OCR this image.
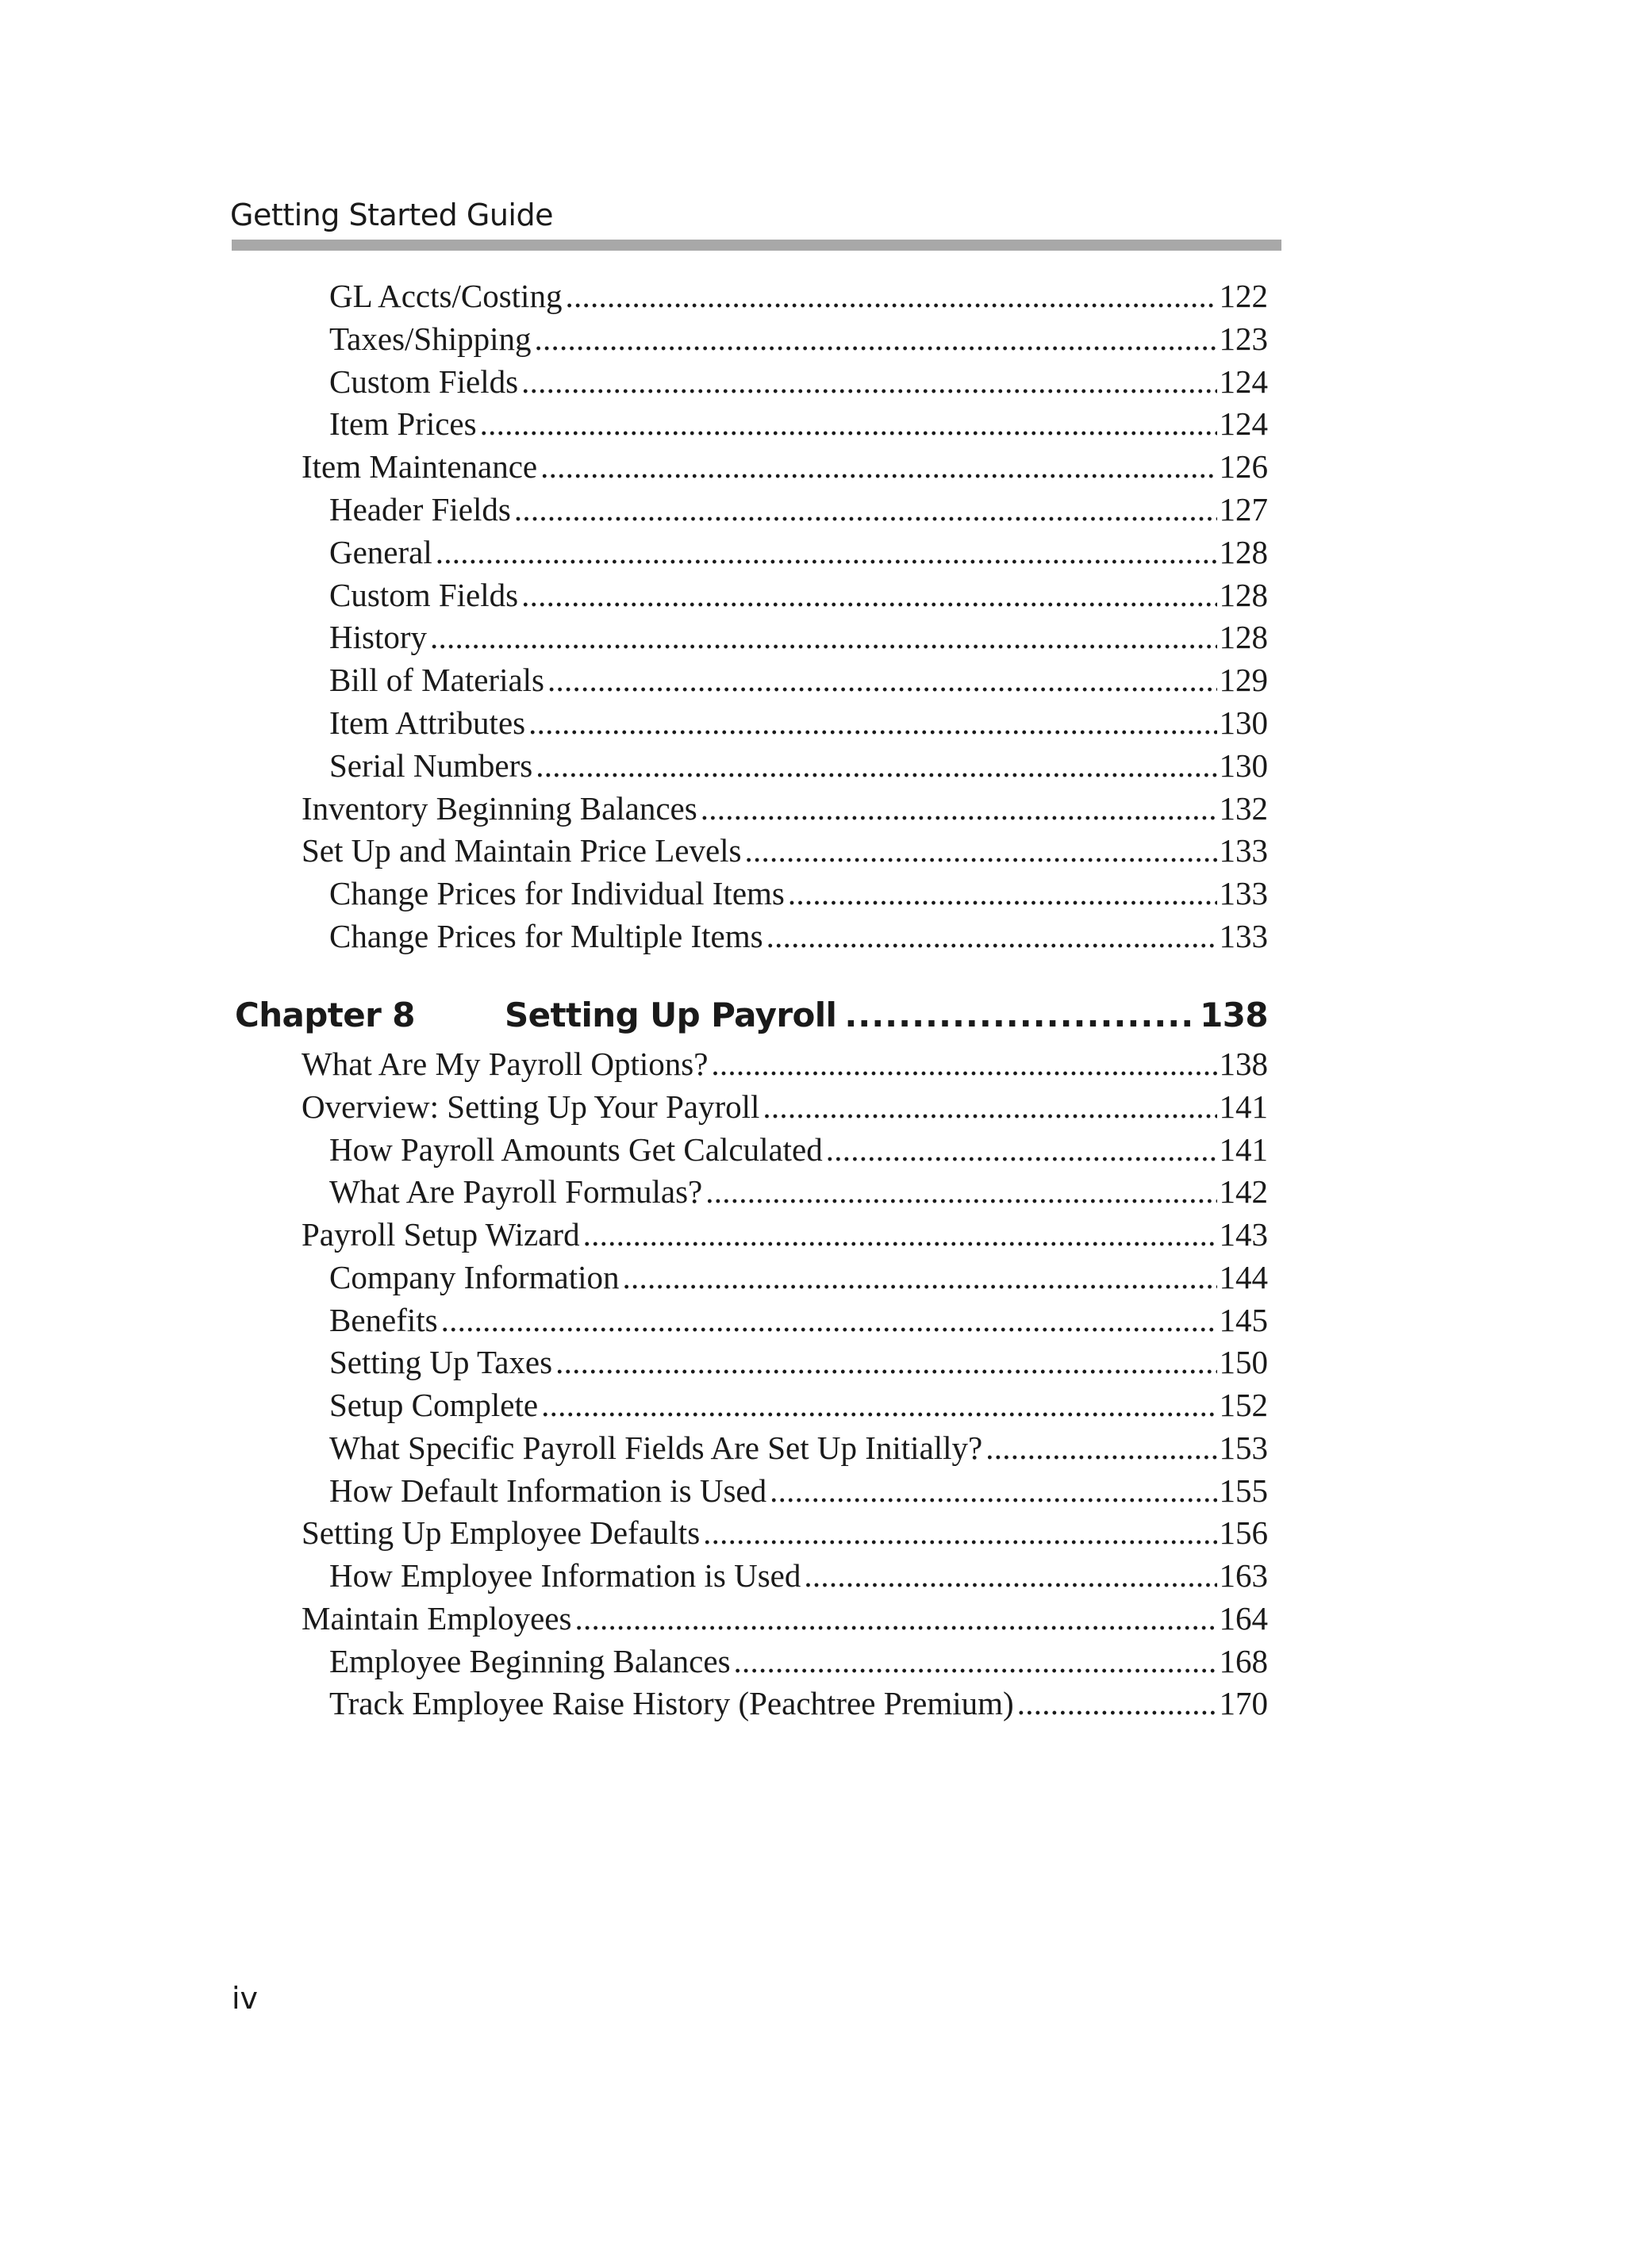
Getting Started Guide
GL Accts/Costing . . .	122
Taxes/Shipping . . .	123
Custom Fields . . .	124
Item Prices . . .	124
Item Maintenance . . .	126
Header Fields . . .	127
General . . .	128
Custom Fields . . .	128
History . . .	128
Bill of Materials . . .	129
Item Attributes . . .	130
Serial Numbers . . .	130
Inventory Beginning Balances . . .	132
Set Up and Maintain Price Levels . . .	133
Change Prices for Individual Items . . .	133
Change Prices for Multiple Items . . .	133
Chapter 8	Setting Up Payroll .....	138
What Are My Payroll Options? . . .	138
Overview: Setting Up Your Payroll . . .	141
How Payroll Amounts Get Calculated . . .	141
What Are Payroll Formulas? . . .	142
Payroll Setup Wizard . . .	143
Company Information . . .	144
Benefits . . .	145
Setting Up Taxes . . .	150
Setup Complete . . .	152
What Specific Payroll Fields Are Set Up Initially? . . .	153
How Default Information is Used . . .	155
Setting Up Employee Defaults . . .	156
How Employee Information is Used . . .	163
Maintain Employees . . .	164
Employee Beginning Balances . . .	168
Track Employee Raise History (Peachtree Premium) . . .	170
iv
